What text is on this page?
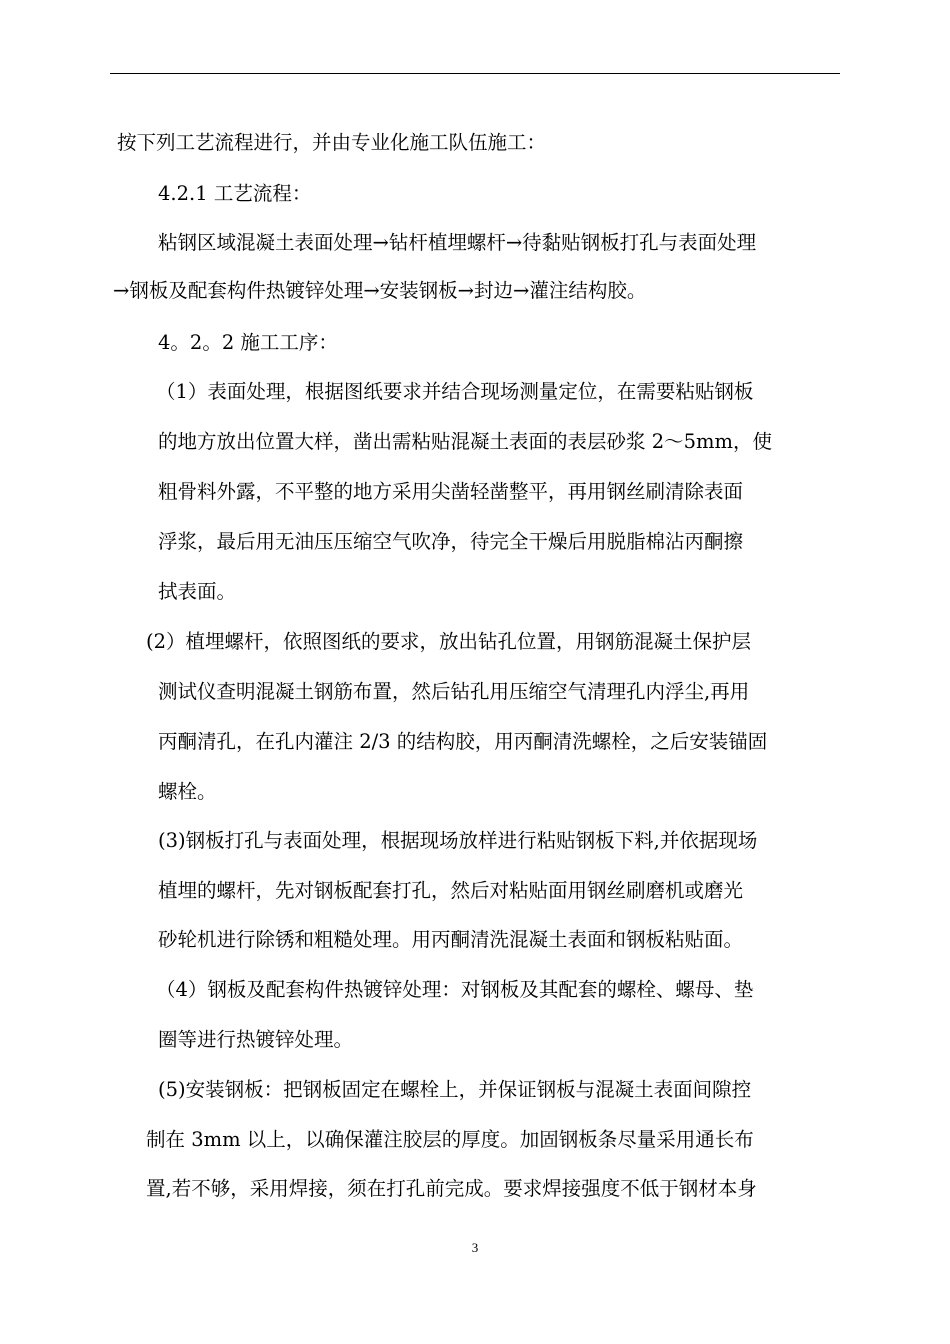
按下列工艺流程进行，并由专业化施工队伍施工：
4.2.1 工艺流程：
粘钢区域混凝土表面处理→钻杆植埋螺杆→待黏贴钢板打孔与表面处理
→钢板及配套构件热镀锌处理→安装钢板→封边→灌注结构胶。
4。2。2 施工工序：
（1）表面处理，根据图纸要求并结合现场测量定位，在需要粘贴钢板
的地方放出位置大样，凿出需粘贴混凝土表面的表层砂浆 2～5mm，使
粗骨料外露，不平整的地方采用尖凿轻凿整平，再用钢丝刷清除表面
浮浆，最后用无油压压缩空气吹净，待完全干燥后用脱脂棉沾丙酮擦
拭表面。
(2）植埋螺杆，依照图纸的要求，放出钻孔位置，用钢筋混凝土保护层
测试仪查明混凝土钢筋布置，然后钻孔用压缩空气清理孔内浮尘,再用
丙酮清孔，在孔内灌注 2/3 的结构胶，用丙酮清洗螺栓，之后安装锚固
螺栓。
(3)钢板打孔与表面处理，根据现场放样进行粘贴钢板下料,并依据现场
植埋的螺杆，先对钢板配套打孔，然后对粘贴面用钢丝刷磨机或磨光
砂轮机进行除锈和粗糙处理。用丙酮清洗混凝土表面和钢板粘贴面。
（4）钢板及配套构件热镀锌处理：对钢板及其配套的螺栓、螺母、垫
圈等进行热镀锌处理。
(5)安装钢板：把钢板固定在螺栓上，并保证钢板与混凝土表面间隙控
制在 3mm 以上，以确保灌注胶层的厚度。加固钢板条尽量采用通长布
置,若不够，采用焊接，须在打孔前完成。要求焊接强度不低于钢材本身
3
